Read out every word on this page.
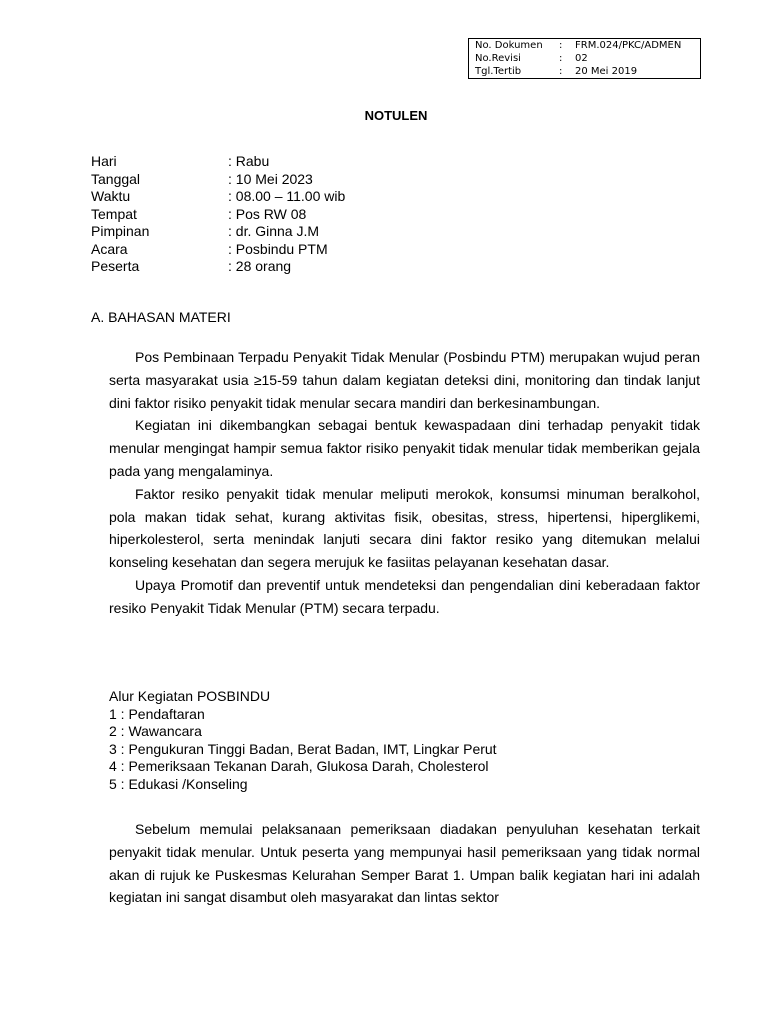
No. Dokumen	:	FRM.024/PKC/ADMEN
No.Revisi	:	02
Tgl.Tertib	:	20 Mei 2019
NOTULEN
Hari	: Rabu
Tanggal	: 10 Mei 2023
Waktu	: 08.00 – 11.00 wib
Tempat	: Pos RW 08
Pimpinan	: dr. Ginna J.M
Acara	: Posbindu PTM
Peserta	: 28 orang
A. BAHASAN MATERI

Pos Pembinaan Terpadu Penyakit Tidak Menular (Posbindu PTM) merupakan wujud peran serta masyarakat usia ≥15-59 tahun dalam kegiatan deteksi dini, monitoring dan tindak lanjut dini faktor risiko penyakit tidak menular secara mandiri dan berkesinambungan.

Kegiatan ini dikembangkan sebagai bentuk kewaspadaan dini terhadap penyakit tidak menular mengingat hampir semua faktor risiko penyakit tidak menular tidak memberikan gejala pada yang mengalaminya.

Faktor resiko penyakit tidak menular meliputi merokok, konsumsi minuman beralkohol, pola makan tidak sehat, kurang aktivitas fisik, obesitas, stress, hipertensi, hiperglikemi, hiperkolesterol, serta menindak lanjuti secara dini faktor resiko yang ditemukan melalui konseling kesehatan dan segera merujuk ke fasiitas pelayanan kesehatan dasar.

Upaya Promotif dan preventif untuk mendeteksi dan pengendalian dini keberadaan faktor resiko Penyakit Tidak Menular (PTM) secara terpadu.

Alur Kegiatan POSBINDU
1 : Pendaftaran
2 : Wawancara
3 : Pengukuran Tinggi Badan, Berat Badan, IMT, Lingkar Perut
4 : Pemeriksaan Tekanan Darah, Glukosa Darah, Cholesterol
5 : Edukasi /Konseling

Sebelum memulai pelaksanaan pemeriksaan diadakan penyuluhan kesehatan terkait penyakit tidak menular. Untuk peserta yang mempunyai hasil pemeriksaan yang tidak normal akan di rujuk ke Puskesmas Kelurahan Semper Barat 1. Umpan balik kegiatan hari ini adalah kegiatan ini sangat disambut oleh masyarakat dan lintas sektor
